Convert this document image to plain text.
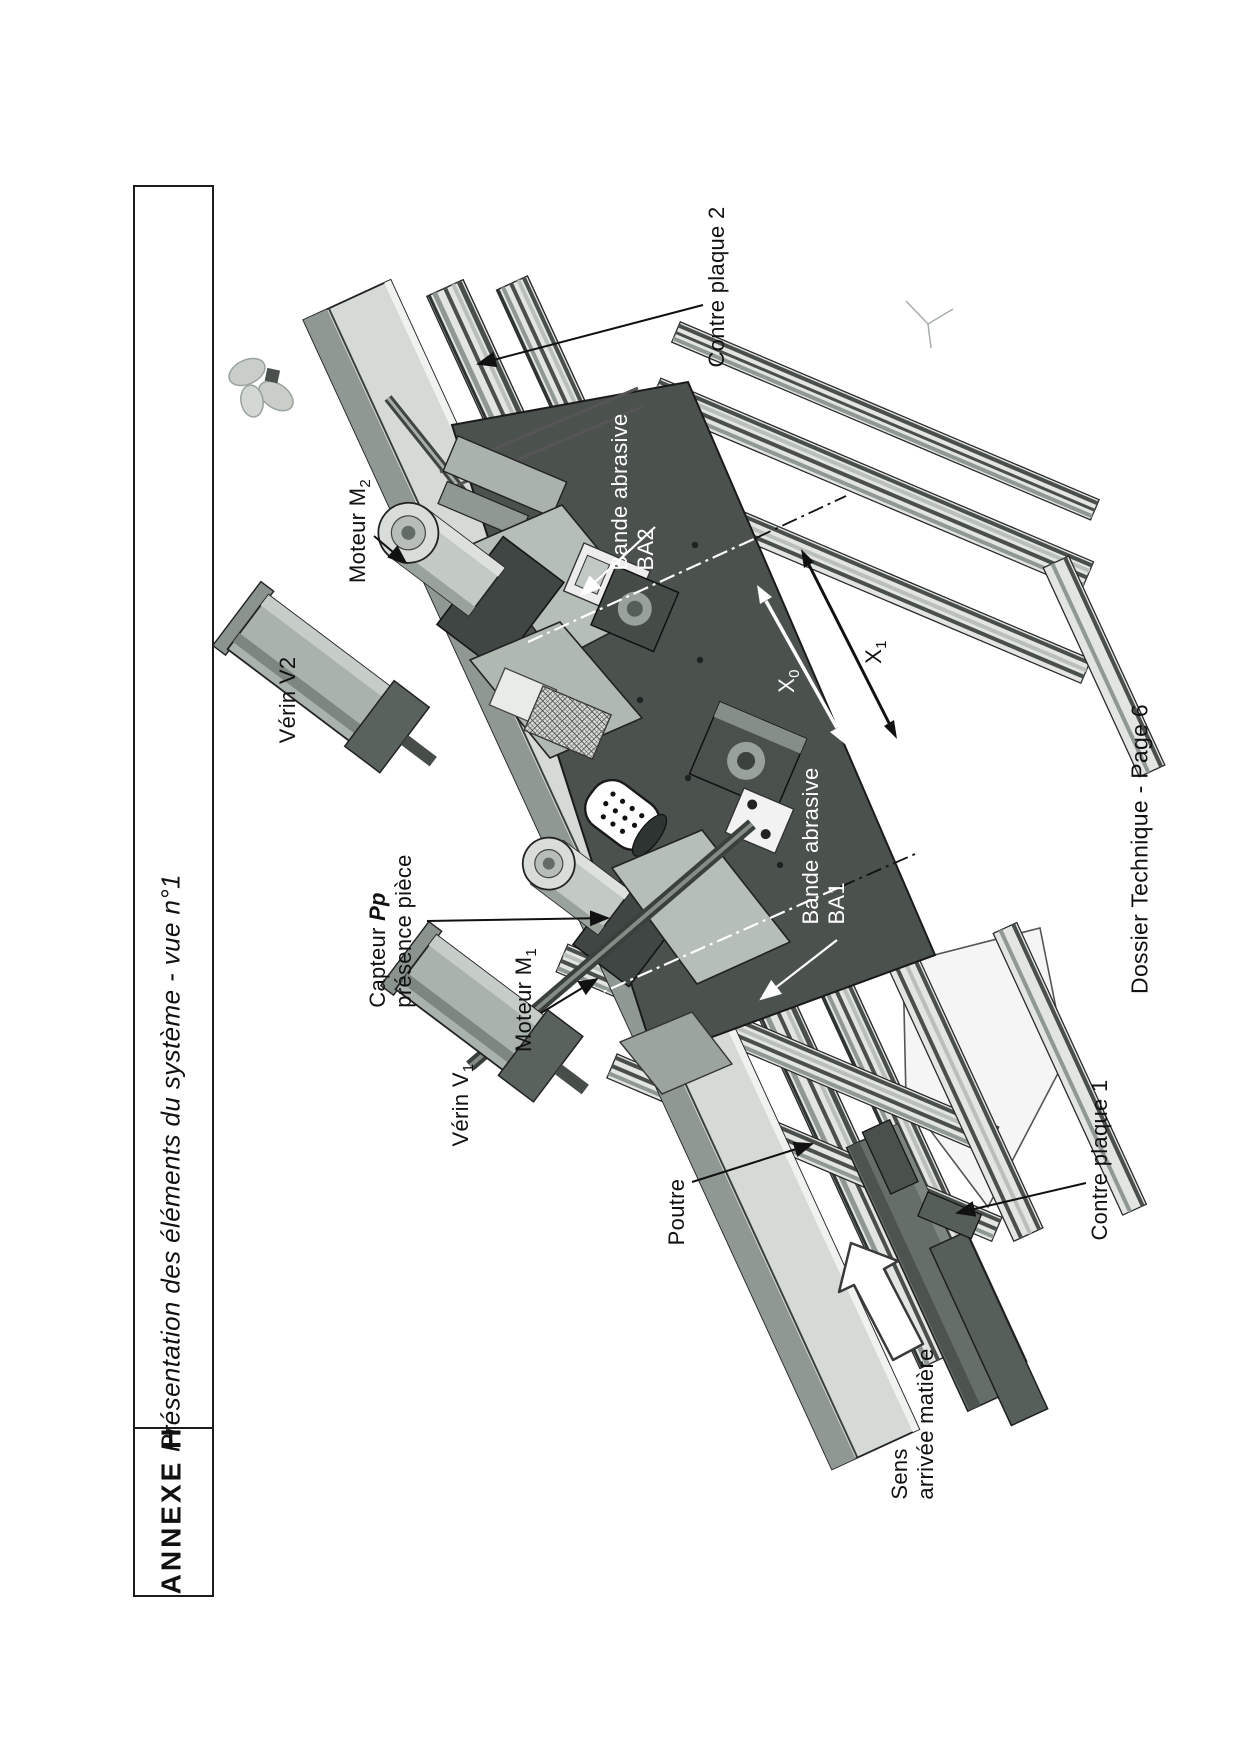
Présentation des éléments du système - vue n°1
ANNEXE H
Dossier Technique - Page 6
Contre plaque 2
Moteur $M_2$
Vérin V2
Bande abrasive BA2
$X_0$
$X_1$
Capteur Pp présence pièce	Moteur $M_1$
Vérin $V_1$
Bande abrasive BA1
Contre plaque 1
Poutre
Sens arrivée matière
